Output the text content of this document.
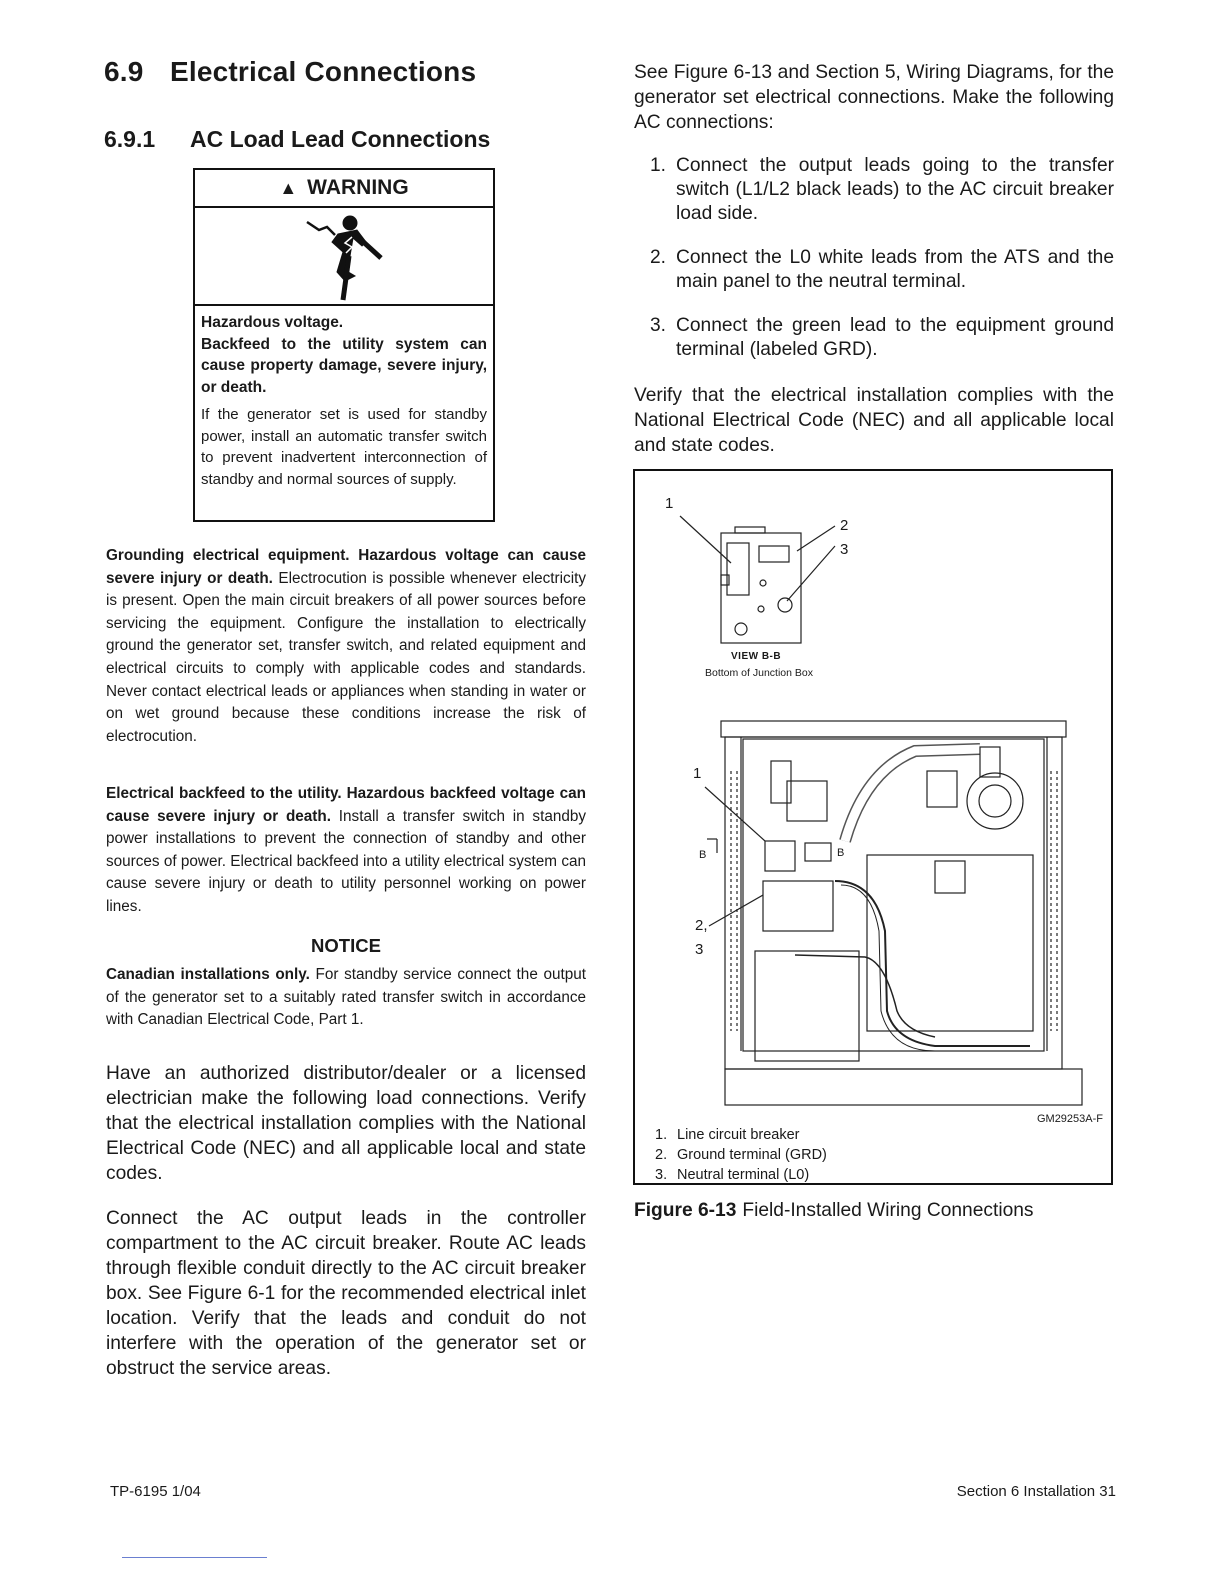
6.9 Electrical Connections
6.9.1 AC Load Lead Connections
▲ WARNING
Hazardous voltage.
Backfeed to the utility system can cause property damage, severe injury, or death.
If the generator set is used for standby power, install an automatic transfer switch to prevent inadvertent interconnection of standby and normal sources of supply.
Grounding electrical equipment. Hazardous voltage can cause severe injury or death. Electrocution is possible whenever electricity is present. Open the main circuit breakers of all power sources before servicing the equipment. Configure the installation to electrically ground the generator set, transfer switch, and related equipment and electrical circuits to comply with applicable codes and standards. Never contact electrical leads or appliances when standing in water or on wet ground because these conditions increase the risk of electrocution.
Electrical backfeed to the utility. Hazardous backfeed voltage can cause severe injury or death. Install a transfer switch in standby power installations to prevent the connection of standby and other sources of power. Electrical backfeed into a utility electrical system can cause severe injury or death to utility personnel working on power lines.
NOTICE
Canadian installations only. For standby service connect the output of the generator set to a suitably rated transfer switch in accordance with Canadian Electrical Code, Part 1.
Have an authorized distributor/dealer or a licensed electrician make the following load connections. Verify that the electrical installation complies with the National Electrical Code (NEC) and all applicable local and state codes.
Connect the AC output leads in the controller compartment to the AC circuit breaker. Route AC leads through flexible conduit directly to the AC circuit breaker box. See Figure 6-1 for the recommended electrical inlet location. Verify that the leads and conduit do not interfere with the operation of the generator set or obstruct the service areas.
See Figure 6-13 and Section 5, Wiring Diagrams, for the generator set electrical connections. Make the following AC connections:
1. Connect the output leads going to the transfer switch (L1/L2 black leads) to the AC circuit breaker load side.
2. Connect the L0 white leads from the ATS and the main panel to the neutral terminal.
3. Connect the green lead to the equipment ground terminal (labeled GRD).
Verify that the electrical installation complies with the National Electrical Code (NEC) and all applicable local and state codes.
1
2
3
VIEW B-B
Bottom of Junction Box
1
B	B
2,
3
GM29253A-F
1. Line circuit breaker
2. Ground terminal (GRD)
3. Neutral terminal (L0)
Figure 6-13 Field-Installed Wiring Connections
TP-6195 1/04	Section 6 Installation 31
